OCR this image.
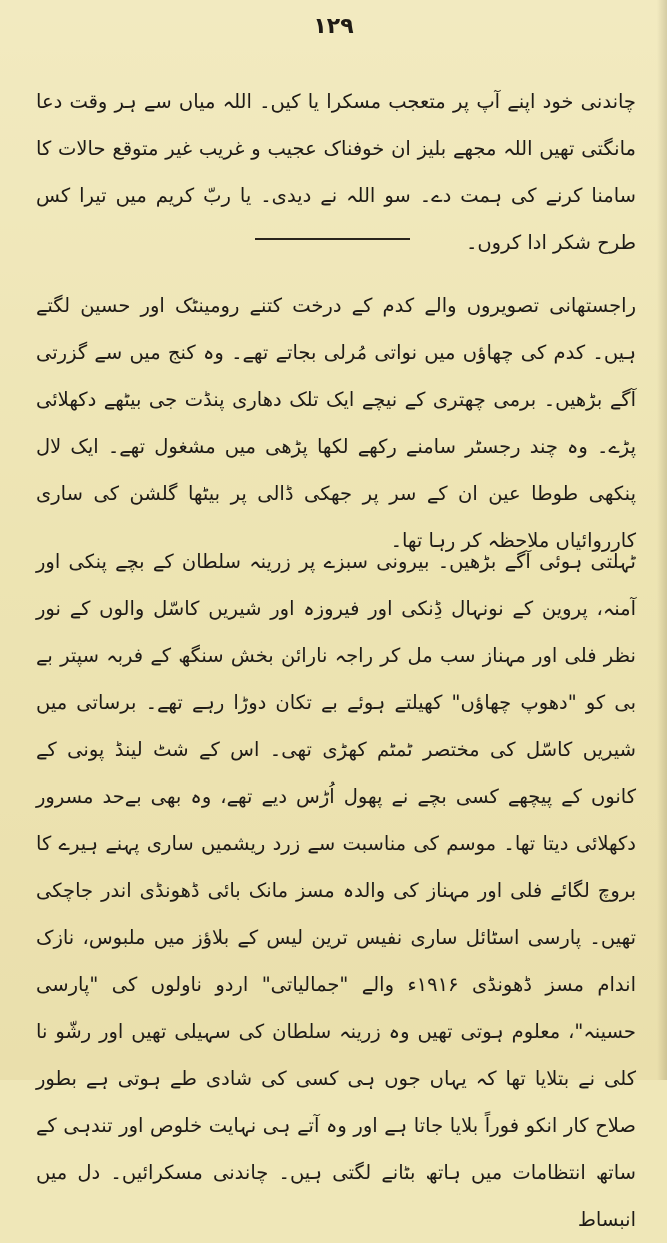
۱۲۹

چاندنی خود اپنے آپ پر متعجب مسکرا یا کیں۔ اللہ میاں سے ہر وقت دعا مانگتی تھیں اللہ مجھے بلیز ان خوفناک عجیب و غریب غیر متوقع حالات کا سامنا کرنے کی ہمت دے۔ سو اللہ نے دیدی۔ یا ربّ کریم میں تیرا کس طرح شکر ادا کروں۔

راجستھانی تصویروں والے کدم کے درخت کتنے رومینٹک اور حسین لگتے ہیں۔ کدم کی چھاؤں میں نواتی مُرلی بجاتے تھے۔ وہ کنج میں سے گزرتی آگے بڑھیں۔ برمی چھتری کے نیچے ایک تلک دھاری پنڈت جی بیٹھے دکھلائی پڑے۔ وہ چند رجسٹر سامنے رکھے لکھا پڑھی میں مشغول تھے۔ ایک لال پنکھی طوطا عین ان کے سر پر جھکی ڈالی پر بیٹھا گلشن کی ساری کارروائیاں ملاحظہ کر رہا تھا۔

ٹہلتی ہوئی آگے بڑھیں۔ بیرونی سبزے پر زرینہ سلطان کے بچے پنکی اور آمنہ، پروین کے نونہال ڈِنکی اور فیروزہ اور شیریں کاسّل والوں کے نور نظر فلی اور مہناز سب مل کر راجہ نارائن بخش سنگھ کے فربہ سپتر بے بی کو "دھوپ چھاؤں" کھیلتے ہوئے بے تکان دوڑا رہے تھے۔ برساتی میں شیریں کاسّل کی مختصر ٹمٹم کھڑی تھی۔ اس کے شٹ لینڈ پونی کے کانوں کے پیچھے کسی بچے نے پھول اُڑس دیے تھے، وہ بھی بےحد مسرور دکھلائی دیتا تھا۔ موسم کی مناسبت سے زرد ریشمیں ساری پہنے ہیرے کا بروچ لگائے فلی اور مہناز کی والدہ مسز مانک بائی ڈھونڈی اندر جاچکی تھیں۔ پارسی اسٹائل ساری نفیس ترین لیس کے بلاؤز میں ملبوس، نازک اندام مسز ڈھونڈی ۱۹۱۶ء والے "جمالیاتی" اردو ناولوں کی "پارسی حسینہ"، معلوم ہوتی تھیں وہ زرینہ سلطان کی سہیلی تھیں اور رشّو نا کلی نے بتلایا تھا کہ یہاں جوں ہی کسی کی شادی طے ہوتی ہے بطور صلاح کار انکو فوراً بلایا جاتا ہے اور وہ آتے ہی نہایت خلوص اور تندہی کے ساتھ انتظامات میں ہاتھ بٹانے لگتی ہیں۔ چاندنی مسکرائیں۔ دل میں انبساط
